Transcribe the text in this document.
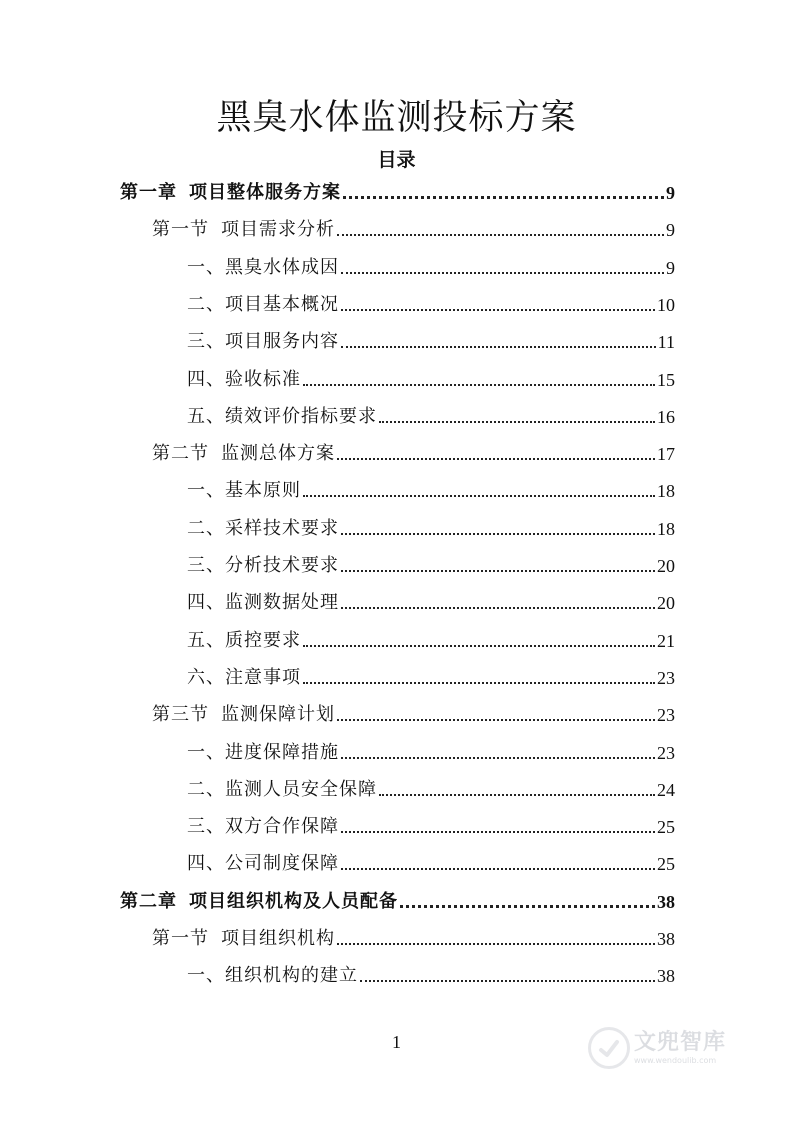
黑臭水体监测投标方案
目录
第一章 项目整体服务方案	9
第一节 项目需求分析	9
一、黑臭水体成因	9
二、项目基本概况	10
三、项目服务内容	11
四、验收标准	15
五、绩效评价指标要求	16
第二节 监测总体方案	17
一、基本原则	18
二、采样技术要求	18
三、分析技术要求	20
四、监测数据处理	20
五、质控要求	21
六、注意事项	23
第三节 监测保障计划	23
一、进度保障措施	23
二、监测人员安全保障	24
三、双方合作保障	25
四、公司制度保障	25
第二章 项目组织机构及人员配备	38
第一节 项目组织机构	38
一、组织机构的建立	38
1	文兜智库
www.wendoulib.com
